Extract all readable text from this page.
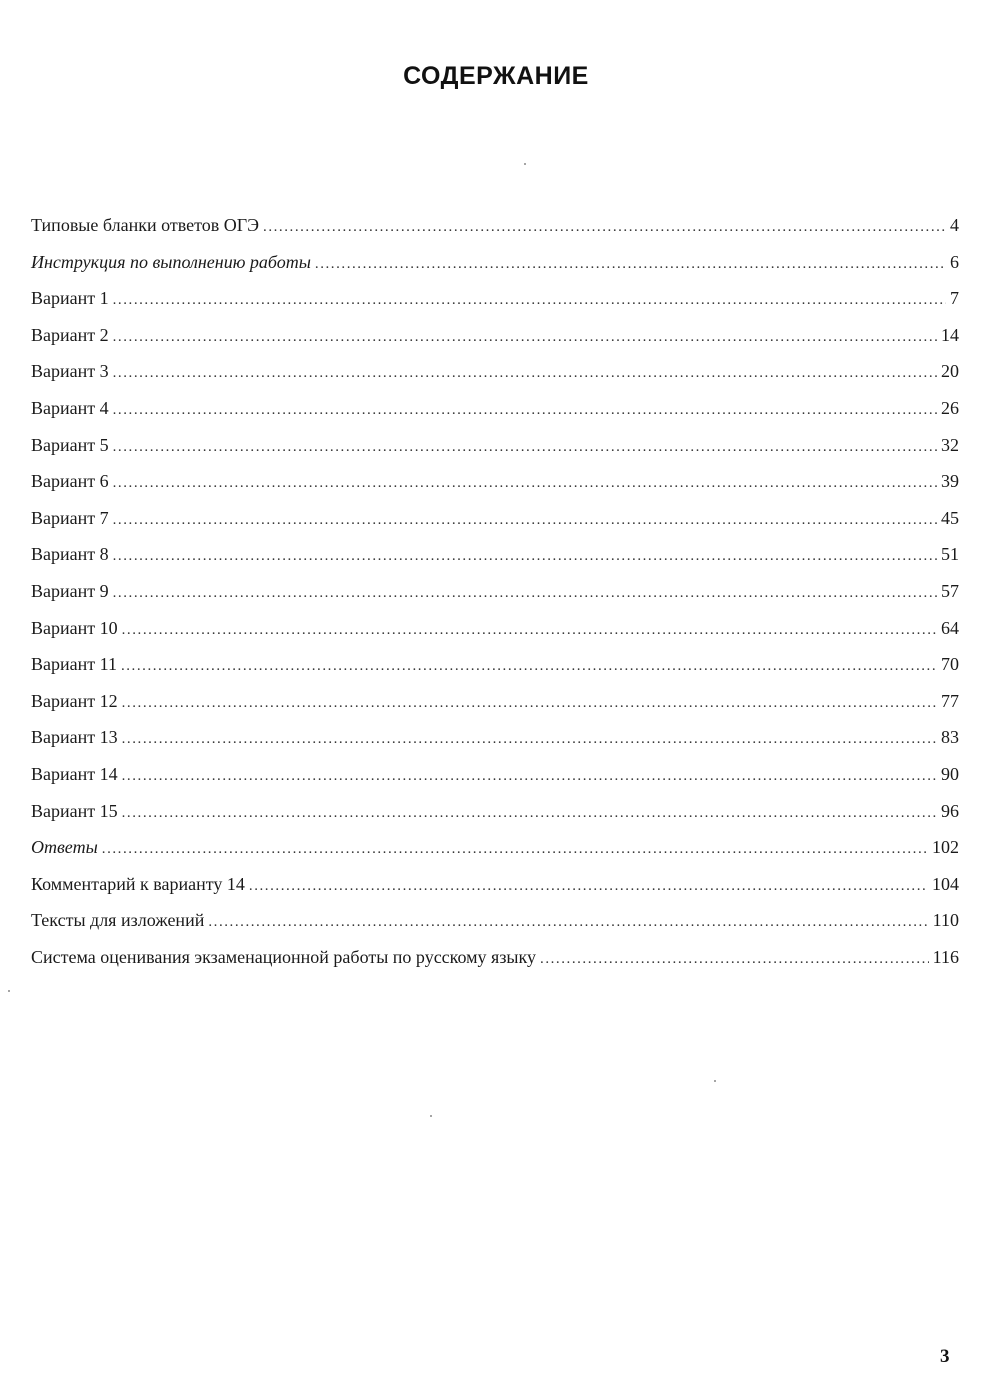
СОДЕРЖАНИЕ
Типовые бланки ответов ОГЭ . . .	4
Инструкция по выполнению работы . . .	6
Вариант 1 . . .	7
Вариант 2 . . .	14
Вариант 3 . . .	20
Вариант 4 . . .	26
Вариант 5 . . .	32
Вариант 6 . . .	39
Вариант 7 . . .	45
Вариант 8 . . .	51
Вариант 9 . . .	57
Вариант 10 . . .	64
Вариант 11 . . .	70
Вариант 12 . . .	77
Вариант 13 . . .	83
Вариант 14 . . .	90
Вариант 15 . . .	96
Ответы . . .	102
Комментарий к варианту 14 . . .	104
Тексты для изложений . . .	110
Система оценивания экзаменационной работы по русскому языку . . .	116
3
